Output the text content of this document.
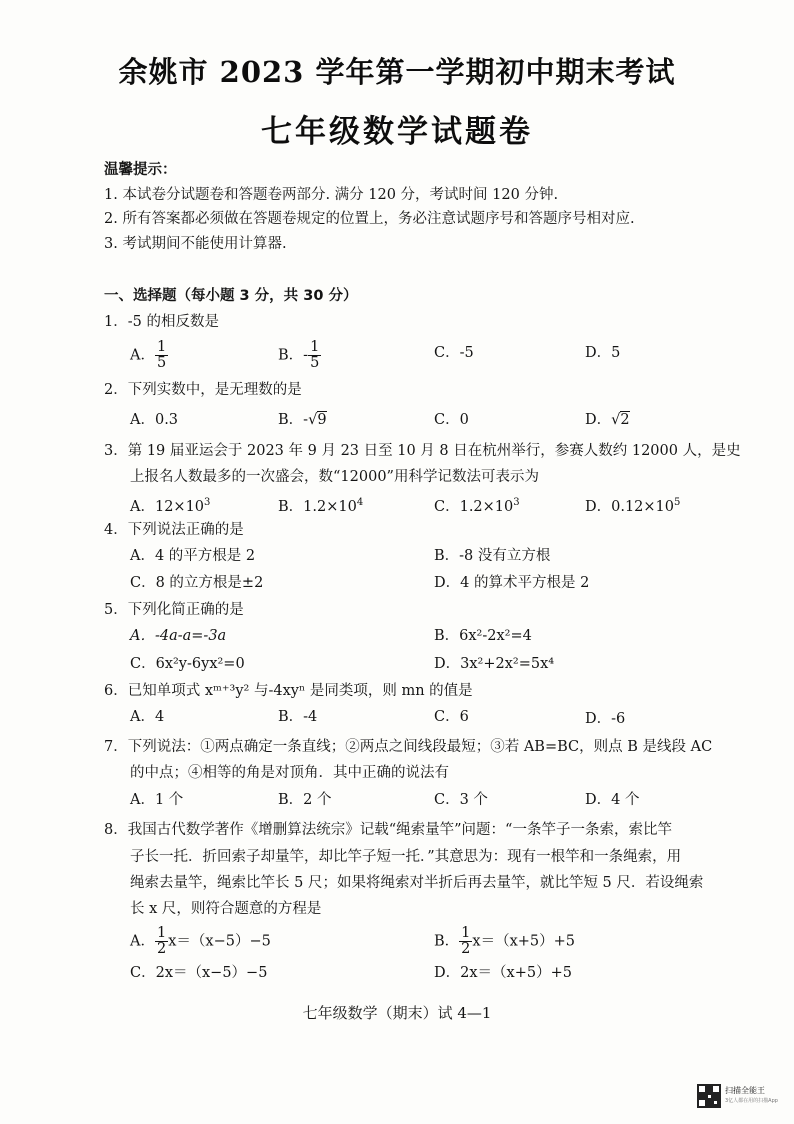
余姚市 2023 学年第一学期初中期末考试
七年级数学试题卷
温馨提示：
1. 本试卷分试题卷和答题卷两部分. 满分 120 分，考试时间 120 分钟.
2. 所有答案都必须做在答题卷规定的位置上，务必注意试题序号和答题序号相对应.
3. 考试期间不能使用计算器.
一、选择题（每小题 3 分，共 30 分）
1．-5 的相反数是
A． $\frac{1}{5}$	B．- $\frac{1}{5}$	C．-5	D．5
2．下列实数中，是无理数的是
A．0.3	B．-√9	C．0	D．√2
3．第 19 届亚运会于 2023 年 9 月 23 日至 10 月 8 日在杭州举行，参赛人数约 12000 人，是史
上报名人数最多的一次盛会，数“12000”用科学记数法可表示为
A．$12\times 10^3$	B．$1.2\times 10^4$	C．$1.2\times 10^3$	D．$0.12\times 10^5$
4．下列说法正确的是
A．4 的平方根是 2	B．-8 没有立方根
C．8 的立方根是±2	D．4 的算术平方根是 2
5．下列化简正确的是
A．-4a-a=-3a	B．6x²-2x²=4
C．6x²y-6yx²=0	D．3x²+2x²=5x⁴
6．已知单项式 xᵐ⁺³y² 与-4xyⁿ 是同类项，则 mn 的值是
A．4	B．-4	C．6	D．-6
7．下列说法：①两点确定一条直线；②两点之间线段最短；③若 AB=BC，则点 B 是线段 AC
的中点；④相等的角是对顶角．其中正确的说法有
A．1 个	B．2 个	C．3 个	D．4 个
8．我国古代数学著作《增删算法统宗》记载“绳索量竿”问题：“一条竿子一条索，索比竿
子长一托．折回索子却量竿，却比竿子短一托．”其意思为：现有一根竿和一条绳索，用
绳索去量竿，绳索比竿长 5 尺；如果将绳索对半折后再去量竿，就比竿短 5 尺．若设绳索
长 x 尺，则符合题意的方程是
A． $\frac{1}{2} x=(x-5)-5$	B． $\frac{1}{2} x=(x+5)+5$
C．2x＝（x−5）−5	D．2x＝（x+5）+5
七年级数学（期末）试 4—1
扫描全能王
3亿人都在用的扫描App
